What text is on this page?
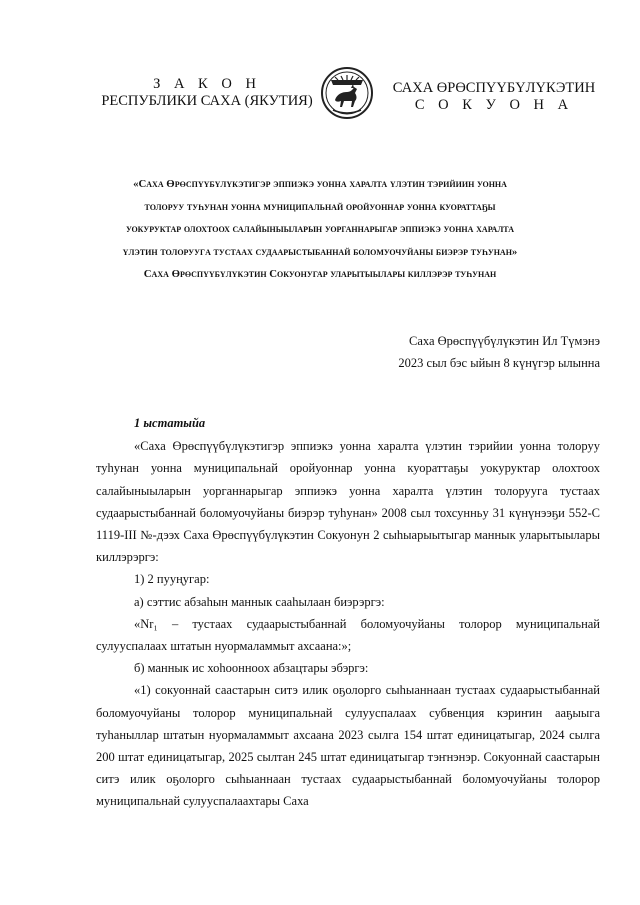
З А К О Н
РЕСПУБЛИКИ САХА (ЯКУТИЯ)
САХА ӨРӨСПҮҮБҮЛҮКЭТИН
С О К У О Н А
«Саха Өрөспүүбүлүкэтигэр эппиэкэ уонна харалта үлэтин тэрийиин уонна
толоруу туһунан уонна муниципальнай оройуоннар уонна куораттаҕы
уокуруктар олохтоох салайыныыларын уорганнарыгар эппиэкэ уонна харалта
үлэтин толоруугa тустаах судаарыстыбаннай боломуочуйаны биэрэр туһунан»
Саха Өрөспүүбүлүкэтин Сокуонугар уларытыылары киллэрэр туһунан
Саха Өрөспүүбүлүкэтин Ил Түмэнэ
2023 сыл бэс ыйын 8 күнүгэр ылынна
1 ыстатыйа

«Саха Өрөспүүбүлүкэтигэр эппиэкэ уонна харалта үлэтин тэрийии уонна толоруу туһунан уонна муниципальнай оройуоннар уонна куораттаҕы уокуруктар олохтоох салайыныыларын уорганнарыгар эппиэкэ уонна харалта үлэтин толоруугa тустаах судаарыстыбаннай боломуочуйаны биэрэр туһунан» 2008 сыл тохсунньу 31 күнүнээҕи 552-С 1119-III №-дээх Саха Өрөспүүбүлүкэтин Сокуонун 2 сыһыарыытыгар маннык уларытыылары киллэрэргэ:

1) 2 пууңугар:

а) сэттис абзаһын маннык сааһылаан биэрэргэ:

«Nr₁ – тустаах судаарыстыбаннай боломуочуйаны толорор муниципальнай сулууспалаах штатын нуормаламмыт ахсаана:»;

б) маннык ис хоһоонноох абзацтары эбэргэ:

«1) сокуоннай саастарын ситэ илик оҕолорго сыһыаннаан тустаах судаарыстыбаннай боломуочуйаны толорор муниципальнай сулууспалаах субвенция кэриҥин ааҕыыга туһаныллар штатын нуормаламмыт ахсаана 2023 сылга 154 штат единицатыгар, 2024 сылга 200 штат единицатыгар, 2025 сылтан 245 штат единицатыгар тэҥнэнэр. Сокуоннай саастарын ситэ илик оҕолорго сыһыаннаан тустаах судаарыстыбаннай боломуочуйаны толорор муниципальнай сулууспалаахтары Саха
